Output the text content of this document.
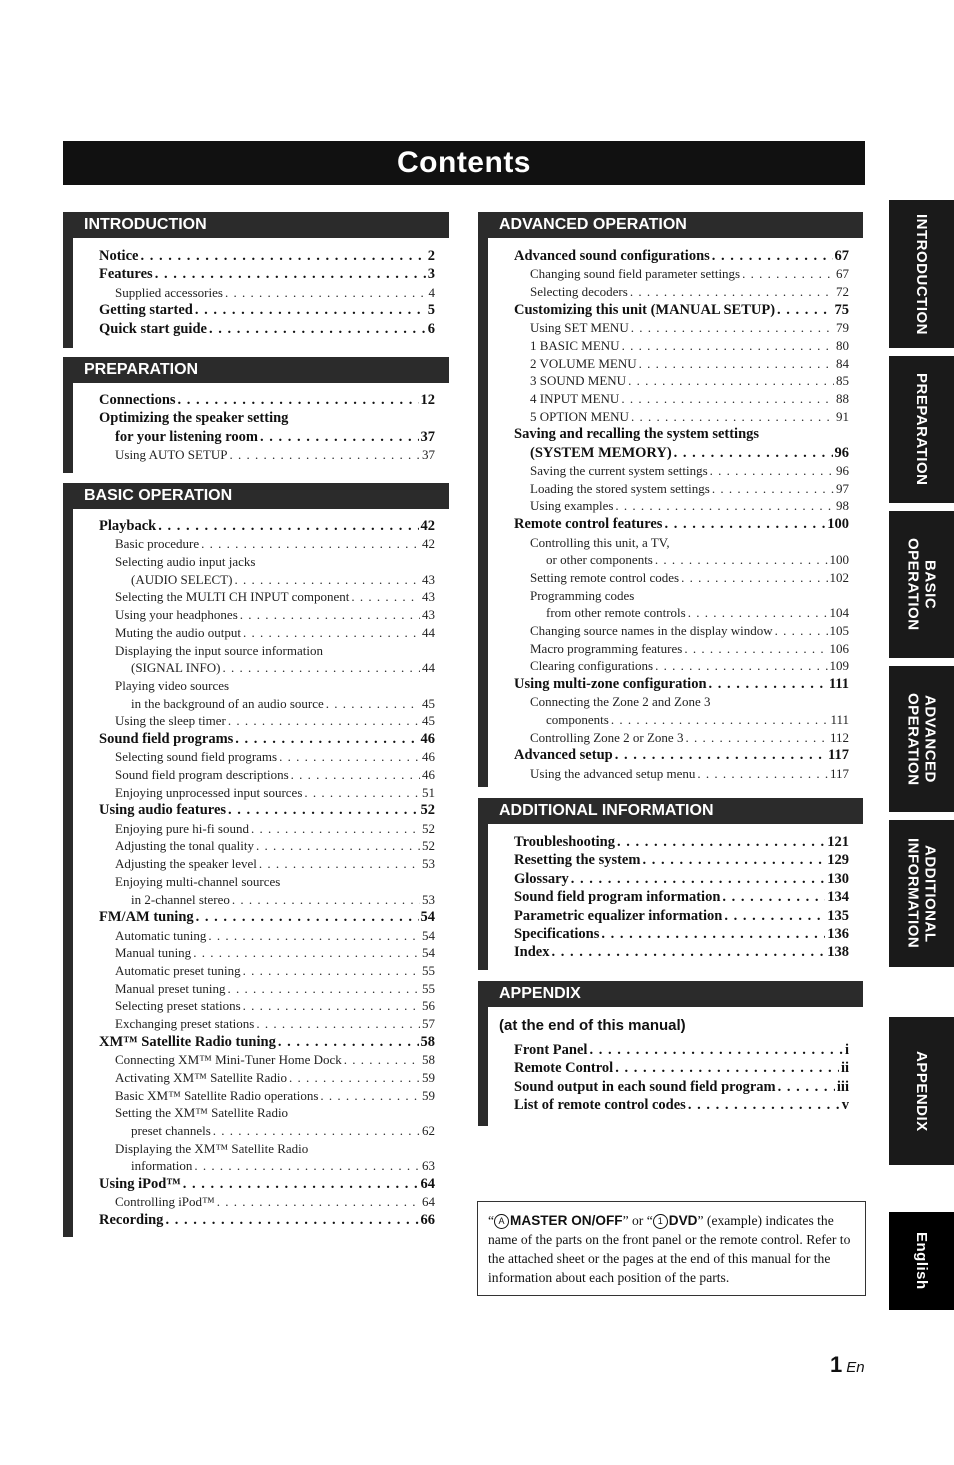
Contents
INTRODUCTION
Notice . . .	2
Features . . .	3
Supplied accessories . . .	4
Getting started . . .	5
Quick start guide . . .	6
PREPARATION
Connections . . .	12
Optimizing the speaker setting
for your listening room . . .	37
Using AUTO SETUP . . .	37
BASIC OPERATION
Playback . . .	42
Basic procedure . . .	42
Selecting audio input jacks
(AUDIO SELECT) . . .	43
Selecting the MULTI CH INPUT component . . .	43
Using your headphones . . .	43
Muting the audio output . . .	44
Displaying the input source information
(SIGNAL INFO) . . .	44
Playing video sources
in the background of an audio source . . .	45
Using the sleep timer . . .	45
Sound field programs . . .	46
Selecting sound field programs . . .	46
Sound field program descriptions . . .	46
Enjoying unprocessed input sources . . .	51
Using audio features . . .	52
Enjoying pure hi-fi sound . . .	52
Adjusting the tonal quality . . .	52
Adjusting the speaker level . . .	53
Enjoying multi-channel sources
in 2-channel stereo . . .	53
FM/AM tuning . . .	54
Automatic tuning . . .	54
Manual tuning . . .	54
Automatic preset tuning . . .	55
Manual preset tuning . . .	55
Selecting preset stations . . .	56
Exchanging preset stations . . .	57
XM™ Satellite Radio tuning . . .	58
Connecting XM™ Mini-Tuner Home Dock . . .	58
Activating XM™ Satellite Radio . . .	59
Basic XM™ Satellite Radio operations . . .	59
Setting the XM™ Satellite Radio
preset channels . . .	62
Displaying the XM™ Satellite Radio
information . . .	63
Using iPod™ . . .	64
Controlling iPod™ . . .	64
Recording . . .	66
ADVANCED OPERATION
Advanced sound configurations . . .	67
Changing sound field parameter settings . . .	67
Selecting decoders . . .	72
Customizing this unit (MANUAL SETUP) . . .	75
Using SET MENU . . .	79
1 BASIC MENU . . .	80
2 VOLUME MENU . . .	84
3 SOUND MENU . . .	85
4 INPUT MENU . . .	88
5 OPTION MENU . . .	91
Saving and recalling the system settings
(SYSTEM MEMORY) . . .	96
Saving the current system settings . . .	96
Loading the stored system settings . . .	97
Using examples . . .	98
Remote control features . . .	100
Controlling this unit, a TV,
or other components . . .	100
Setting remote control codes . . .	102
Programming codes
from other remote controls . . .	104
Changing source names in the display window . . .	105
Macro programming features . . .	106
Clearing configurations . . .	109
Using multi-zone configuration . . .	111
Connecting the Zone 2 and Zone 3
components . . .	111
Controlling Zone 2 or Zone 3 . . .	112
Advanced setup . . .	117
Using the advanced setup menu . . .	117
ADDITIONAL INFORMATION
Troubleshooting . . .	121
Resetting the system . . .	129
Glossary . . .	130
Sound field program information . . .	134
Parametric equalizer information . . .	135
Specifications . . .	136
Index . . .	138
APPENDIX
(at the end of this manual)
Front Panel . . .	i
Remote Control . . .	ii
Sound output in each sound field program . . .	iii
List of remote control codes . . .	v
“ A MASTER ON/OFF” or “ 1 DVD” (example) indicates the name of the parts on the front panel or the remote control. Refer to the attached sheet or the pages at the end of this manual for the information about each position of the parts.
INTRODUCTION
PREPARATION
BASIC OPERATION
ADVANCED OPERATION
ADDITIONAL INFORMATION
APPENDIX
English
1 En
